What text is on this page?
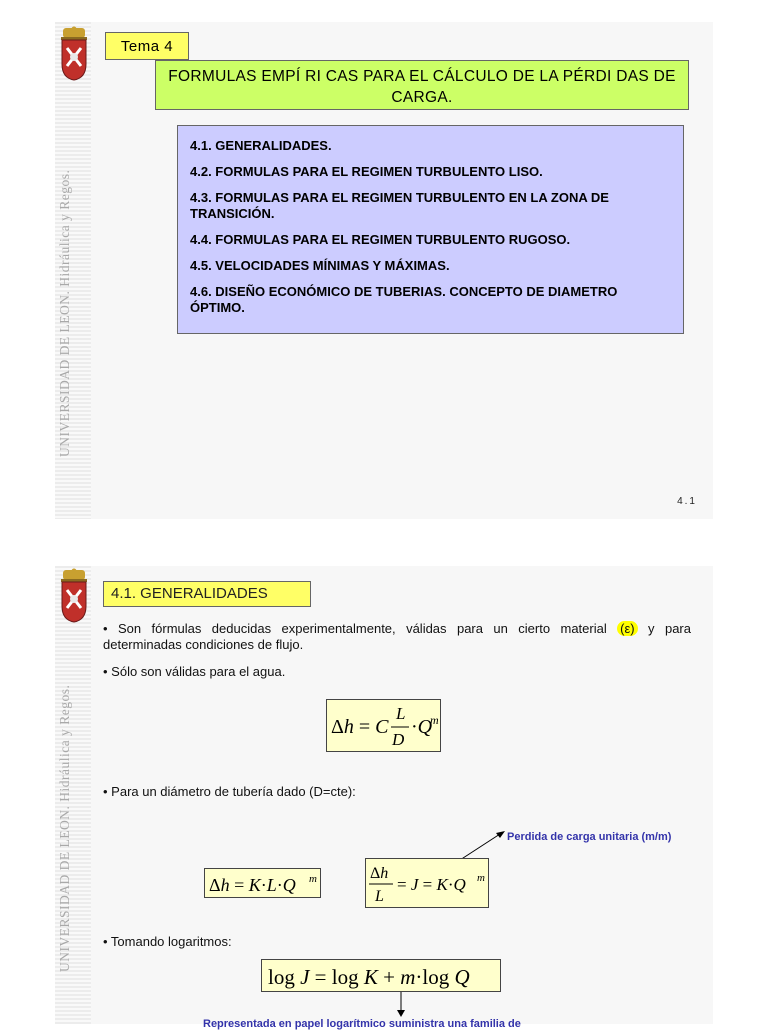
UNIVERSIDAD DE LEON. Hidráulica y Regos.
Tema 4
FORMULAS EMPÍ RI CAS PARA EL CÁLCULO DE LA PÉRDI DAS DE CARGA.
4.1. GENERALIDADES.
4.2. FORMULAS PARA EL REGIMEN TURBULENTO LISO.
4.3. FORMULAS PARA EL REGIMEN TURBULENTO EN LA ZONA DE TRANSICIÓN.
4.4. FORMULAS PARA EL REGIMEN TURBULENTO RUGOSO.
4.5. VELOCIDADES MÍNIMAS Y MÁXIMAS.
4.6. DISEÑO ECONÓMICO DE TUBERIAS. CONCEPTO DE DIAMETRO ÓPTIMO.
4.1
UNIVERSIDAD DE LEON. Hidráulica y Regos.
4.1. GENERALIDADES
• Son fórmulas deducidas experimentalmente, válidas para un cierto material (ε) y para determinadas condiciones de flujo.
• Sólo son válidas para el agua.
Δh = C
L
D
·Q
m
• Para un diámetro de tubería dado (D=cte):
Perdida de carga unitaria (m/m)
Δh = K·L·Q m	Δh
L
= J = K·Q m
• Tomando logaritmos:
log J = log K + m·log Q
Representada en papel logarítmico suministra una familia de
